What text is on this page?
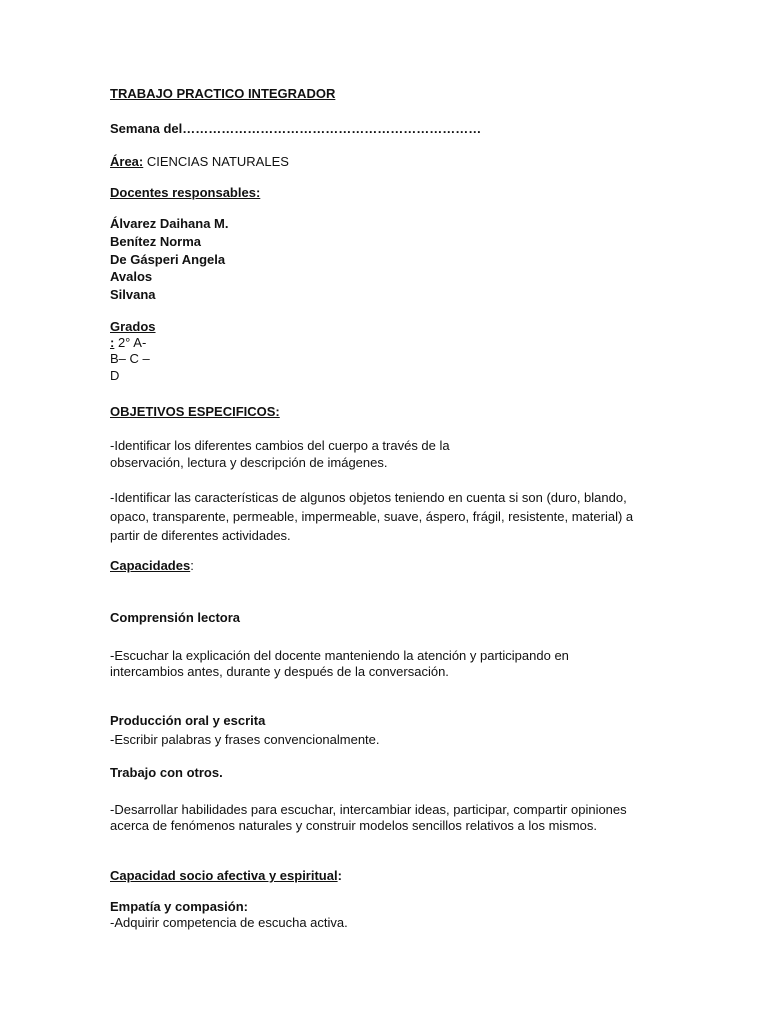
TRABAJO PRACTICO INTEGRADOR
Semana del……………………………………………………………
Área: CIENCIAS NATURALES
Docentes responsables:
Álvarez Daihana M.
Benítez Norma
De Gásperi Angela
Avalos
Silvana
Grados
: 2° A-
B– C –
D
OBJETIVOS ESPECIFICOS:
-Identificar los diferentes cambios del cuerpo a través de la
observación, lectura y descripción de imágenes.
-Identificar las características de algunos objetos teniendo en cuenta si son (duro, blando, opaco, transparente, permeable, impermeable, suave, áspero, frágil, resistente, material) a partir de diferentes actividades.
Capacidades:
Comprensión lectora
-Escuchar la explicación del docente manteniendo la atención y participando en intercambios antes, durante y después de la conversación.
Producción oral y escrita
-Escribir palabras y frases convencionalmente.
Trabajo con otros.
-Desarrollar habilidades para escuchar, intercambiar ideas, participar, compartir opiniones acerca de fenómenos naturales y construir modelos sencillos relativos a los mismos.
Capacidad socio afectiva y espiritual:
Empatía y compasión:
-Adquirir competencia de escucha activa.
